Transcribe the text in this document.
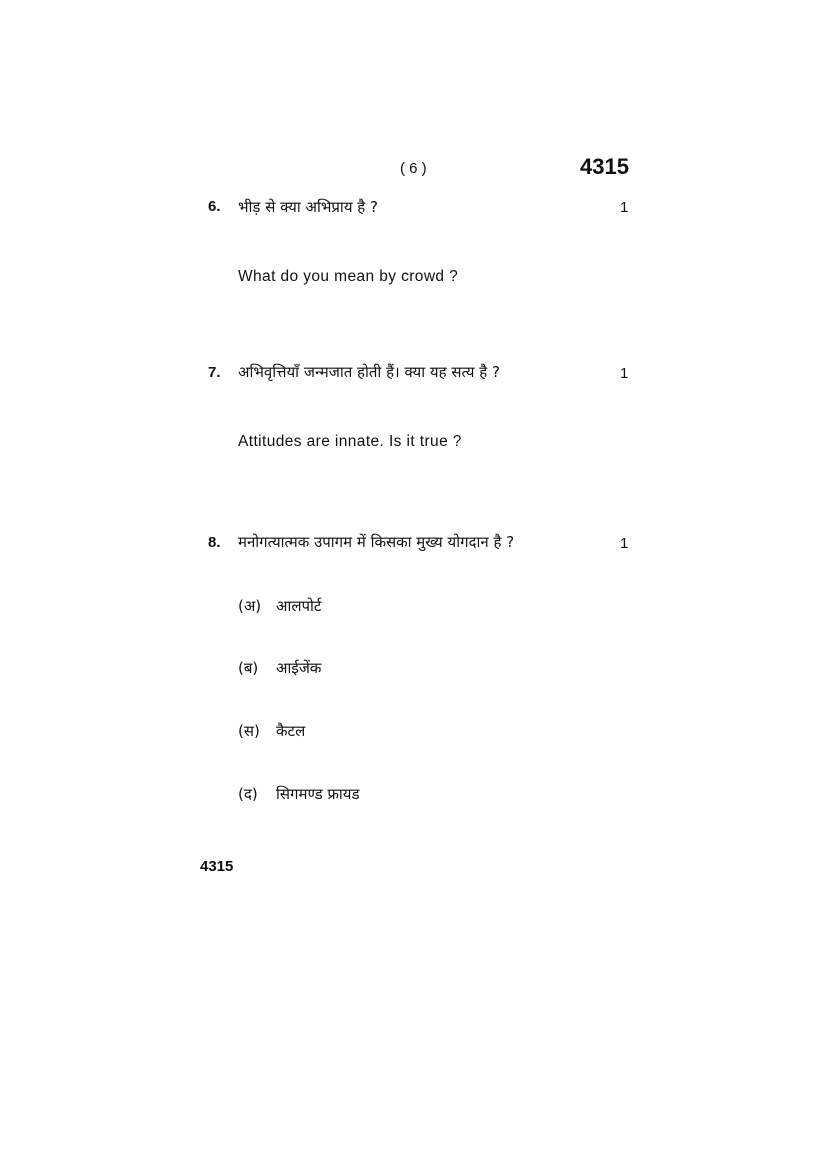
( 6 )	4315
6. भीड़ से क्या अभिप्राय है ?	1
What do you mean by crowd ?
7. अभिवृत्तियाँ जन्मजात होती हैं। क्या यह सत्य है ?	1
Attitudes are innate. Is it true ?
8. मनोगत्यात्मक उपागम में किसका मुख्य योगदान है ?	1
(अ) आलपोर्ट
(ब) आईजेंक
(स) कैटल
(द) सिगमण्ड फ्रायड
4315
